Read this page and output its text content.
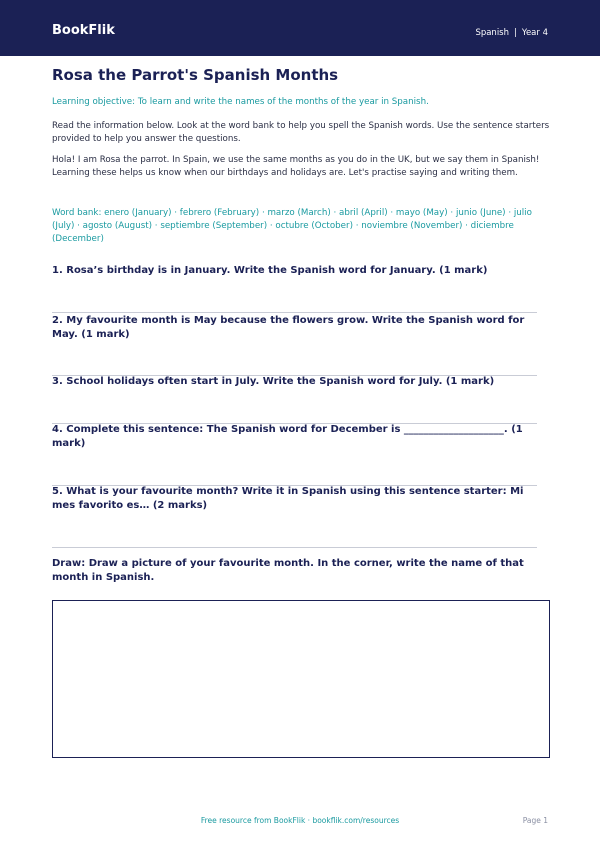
BookFlik	Spanish | Year 4
Rosa the Parrot's Spanish Months

Learning objective: To learn and write the names of the months of the year in Spanish.

Read the information below. Look at the word bank to help you spell the Spanish words. Use the sentence starters provided to help you answer the questions.

Hola! I am Rosa the parrot. In Spain, we use the same months as you do in the UK, but we say them in Spanish! Learning these helps us know when our birthdays and holidays are. Let's practise saying and writing them.

Word bank: enero (January) · febrero (February) · marzo (March) · abril (April) · mayo (May) · junio (June) · julio (July) · agosto (August) · septiembre (September) · octubre (October) · noviembre (November) · diciembre (December)

1. Rosa’s birthday is in January. Write the Spanish word for January. (1 mark)
2. My favourite month is May because the flowers grow. Write the Spanish word for May. (1 mark)
3. School holidays often start in July. Write the Spanish word for July. (1 mark)
4. Complete this sentence: The Spanish word for December is ____________________. (1 mark)
5. What is your favourite month? Write it in Spanish using this sentence starter: Mi mes favorito es… (2 marks)
Draw: Draw a picture of your favourite month. In the corner, write the name of that month in Spanish.
Free resource from BookFlik · bookflik.com/resources	Page 1
